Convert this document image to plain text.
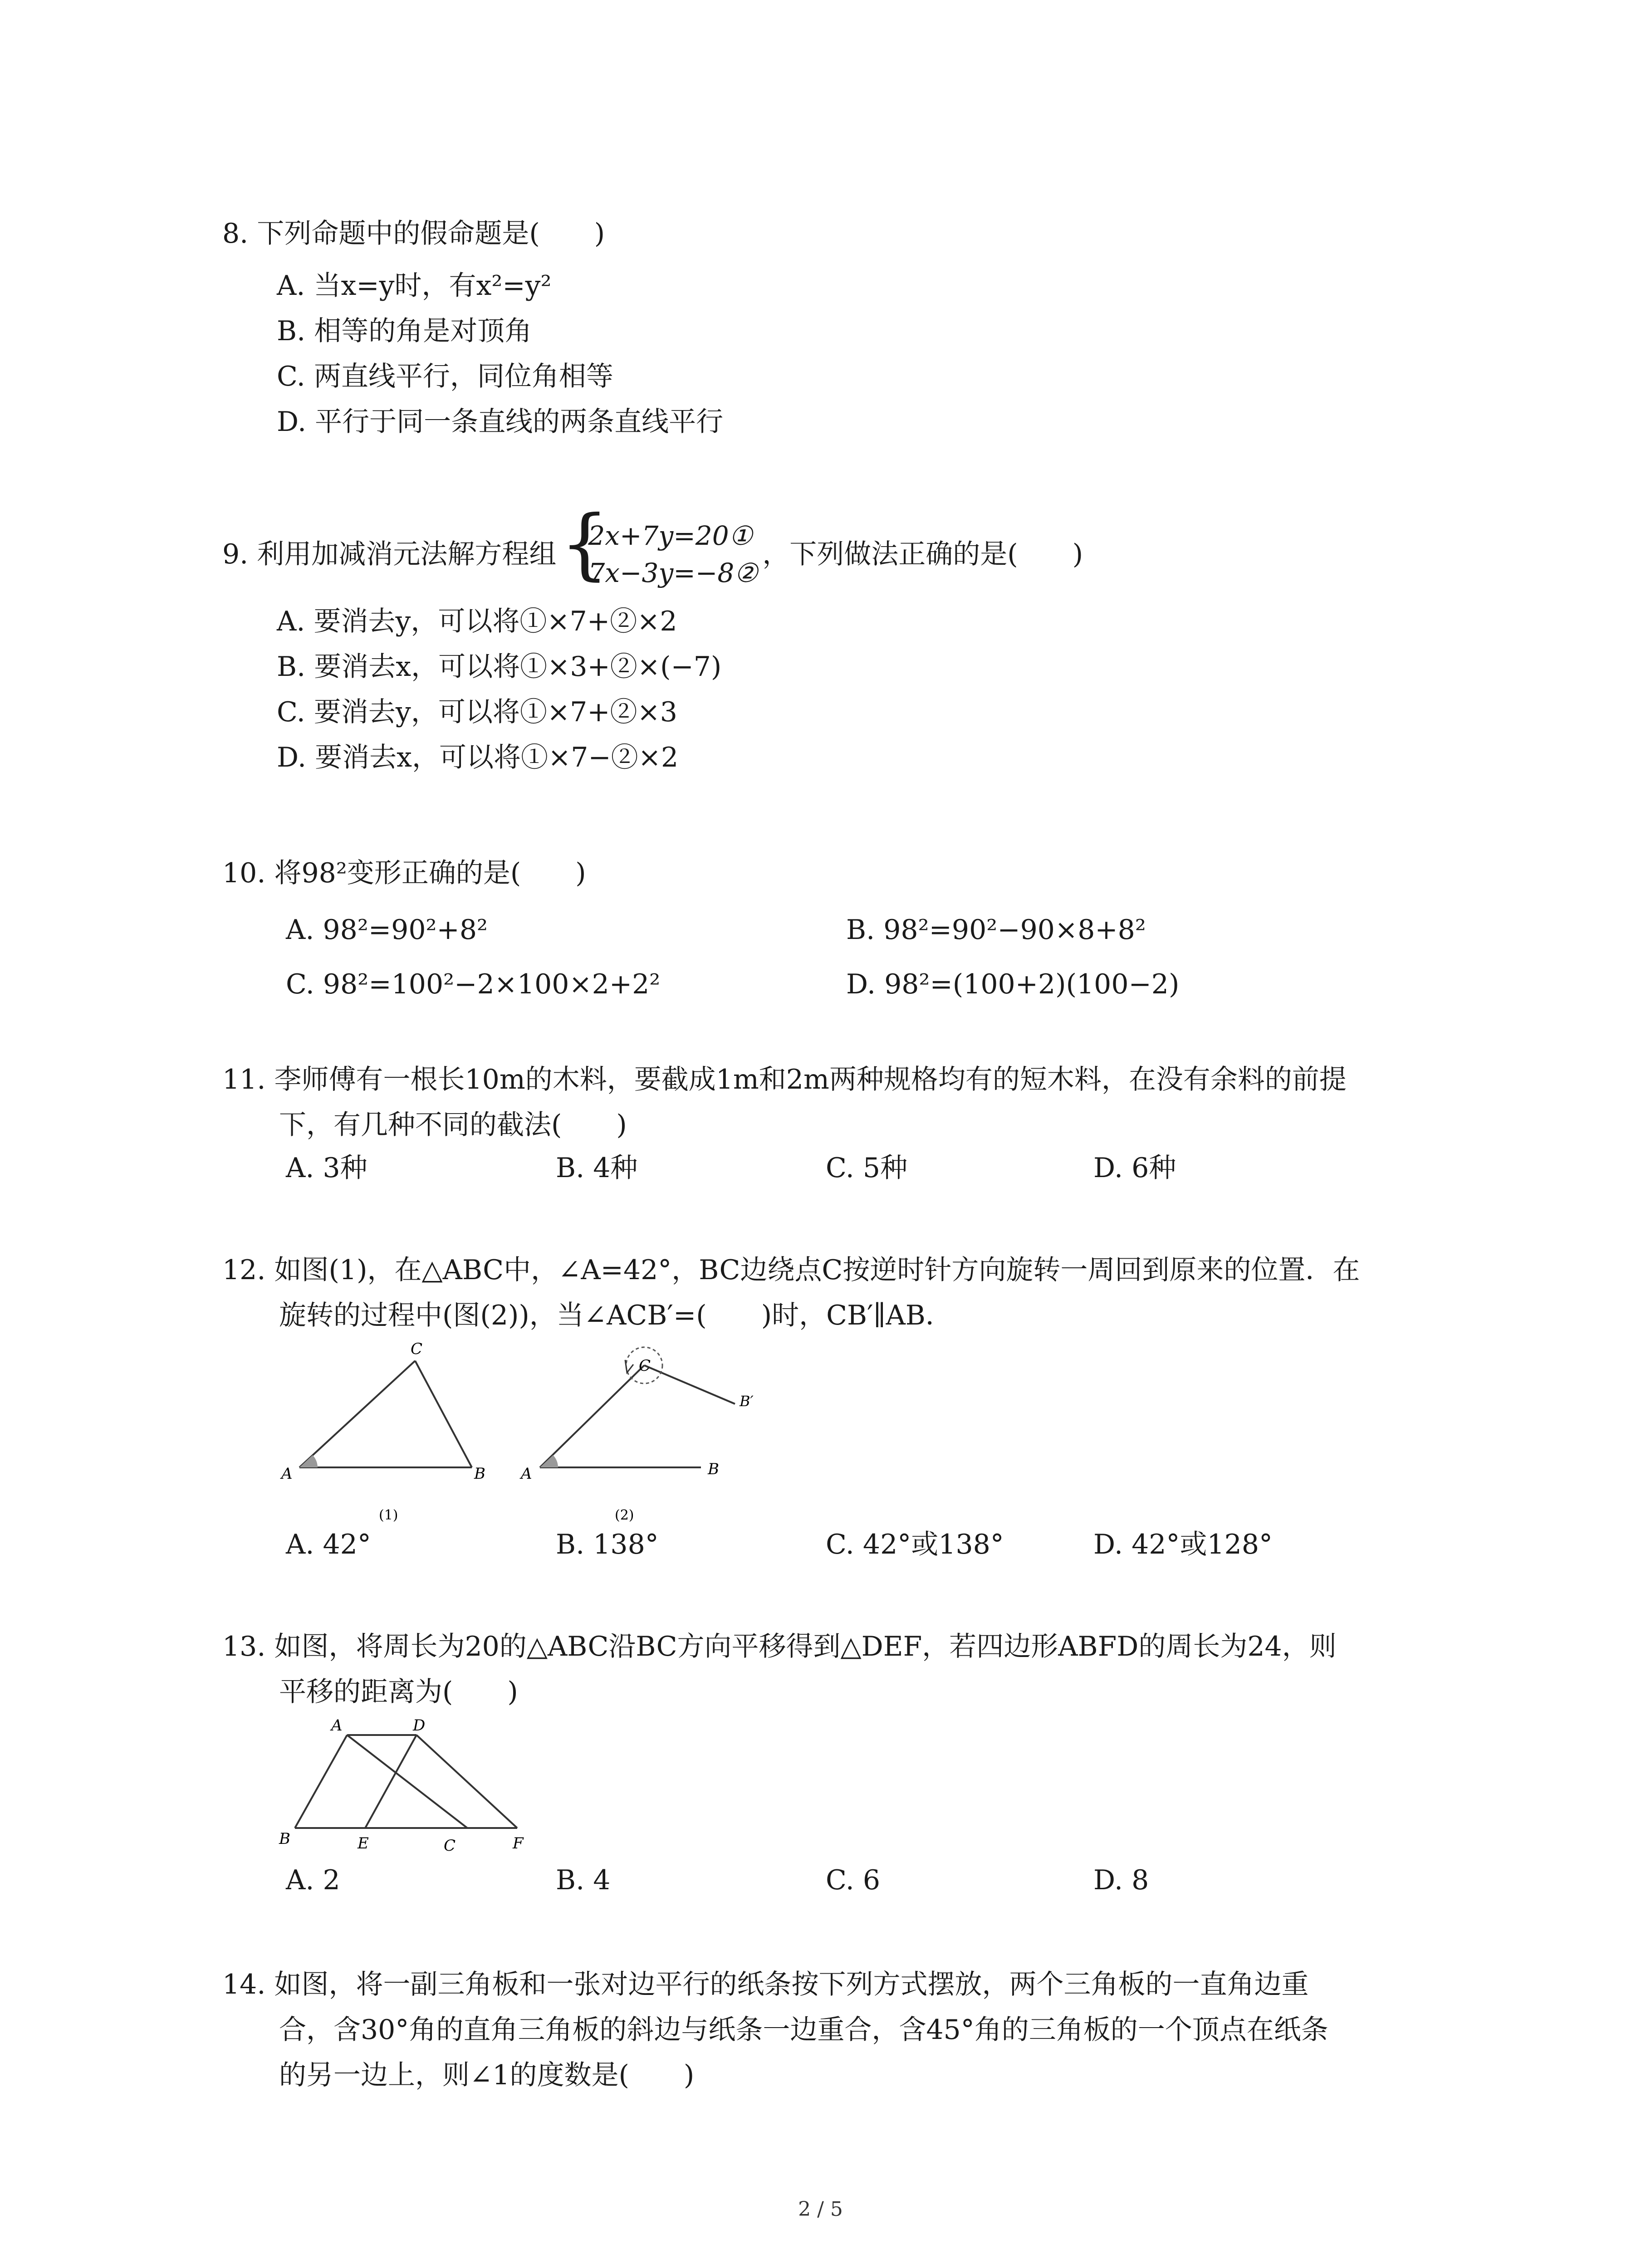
8. 下列命题中的假命题是(　　)
A. 当x=y时，有x²=y²
B. 相等的角是对顶角
C. 两直线平行，同位角相等
D. 平行于同一条直线的两条直线平行
9. 利用加减消元法解方程组 {
2x+7y=20①
7x−3y=−8②
，下列做法正确的是(　　)
A. 要消去y，可以将①×7+②×2
B. 要消去x，可以将①×3+②×(−7)
C. 要消去y，可以将①×7+②×3
D. 要消去x，可以将①×7−②×2
10. 将98²变形正确的是(　　)
A. 98²=90²+8²	B. 98²=90²−90×8+8²
C. 98²=100²−2×100×2+2²	D. 98²=(100+2)(100−2)
11. 李师傅有一根长10m的木料，要截成1m和2m两种规格均有的短木料，在没有余料的前提
下，有几种不同的截法(　　)
A. 3种	B. 4种	C. 5种	D. 6种
12. 如图(1)，在△ABC中，∠A=42°，BC边绕点C按逆时针方向旋转一周回到原来的位置．在
旋转的过程中(图(2))，当∠ACB′=(　　)时，CB′∥AB．
A	B
C
(1)
A	B
C
B′
(2)
A. 42°	B. 138°	C. 42°或138°	D. 42°或128°
13. 如图，将周长为20的△ABC沿BC方向平移得到△DEF，若四边形ABFD的周长为24，则
平移的距离为(　　)
A	D
B	E	C	F
A. 2	B. 4	C. 6	D. 8
14. 如图，将一副三角板和一张对边平行的纸条按下列方式摆放，两个三角板的一直角边重
合，含30°角的直角三角板的斜边与纸条一边重合，含45°角的三角板的一个顶点在纸条
的另一边上，则∠1的度数是(　　)
2 / 5
